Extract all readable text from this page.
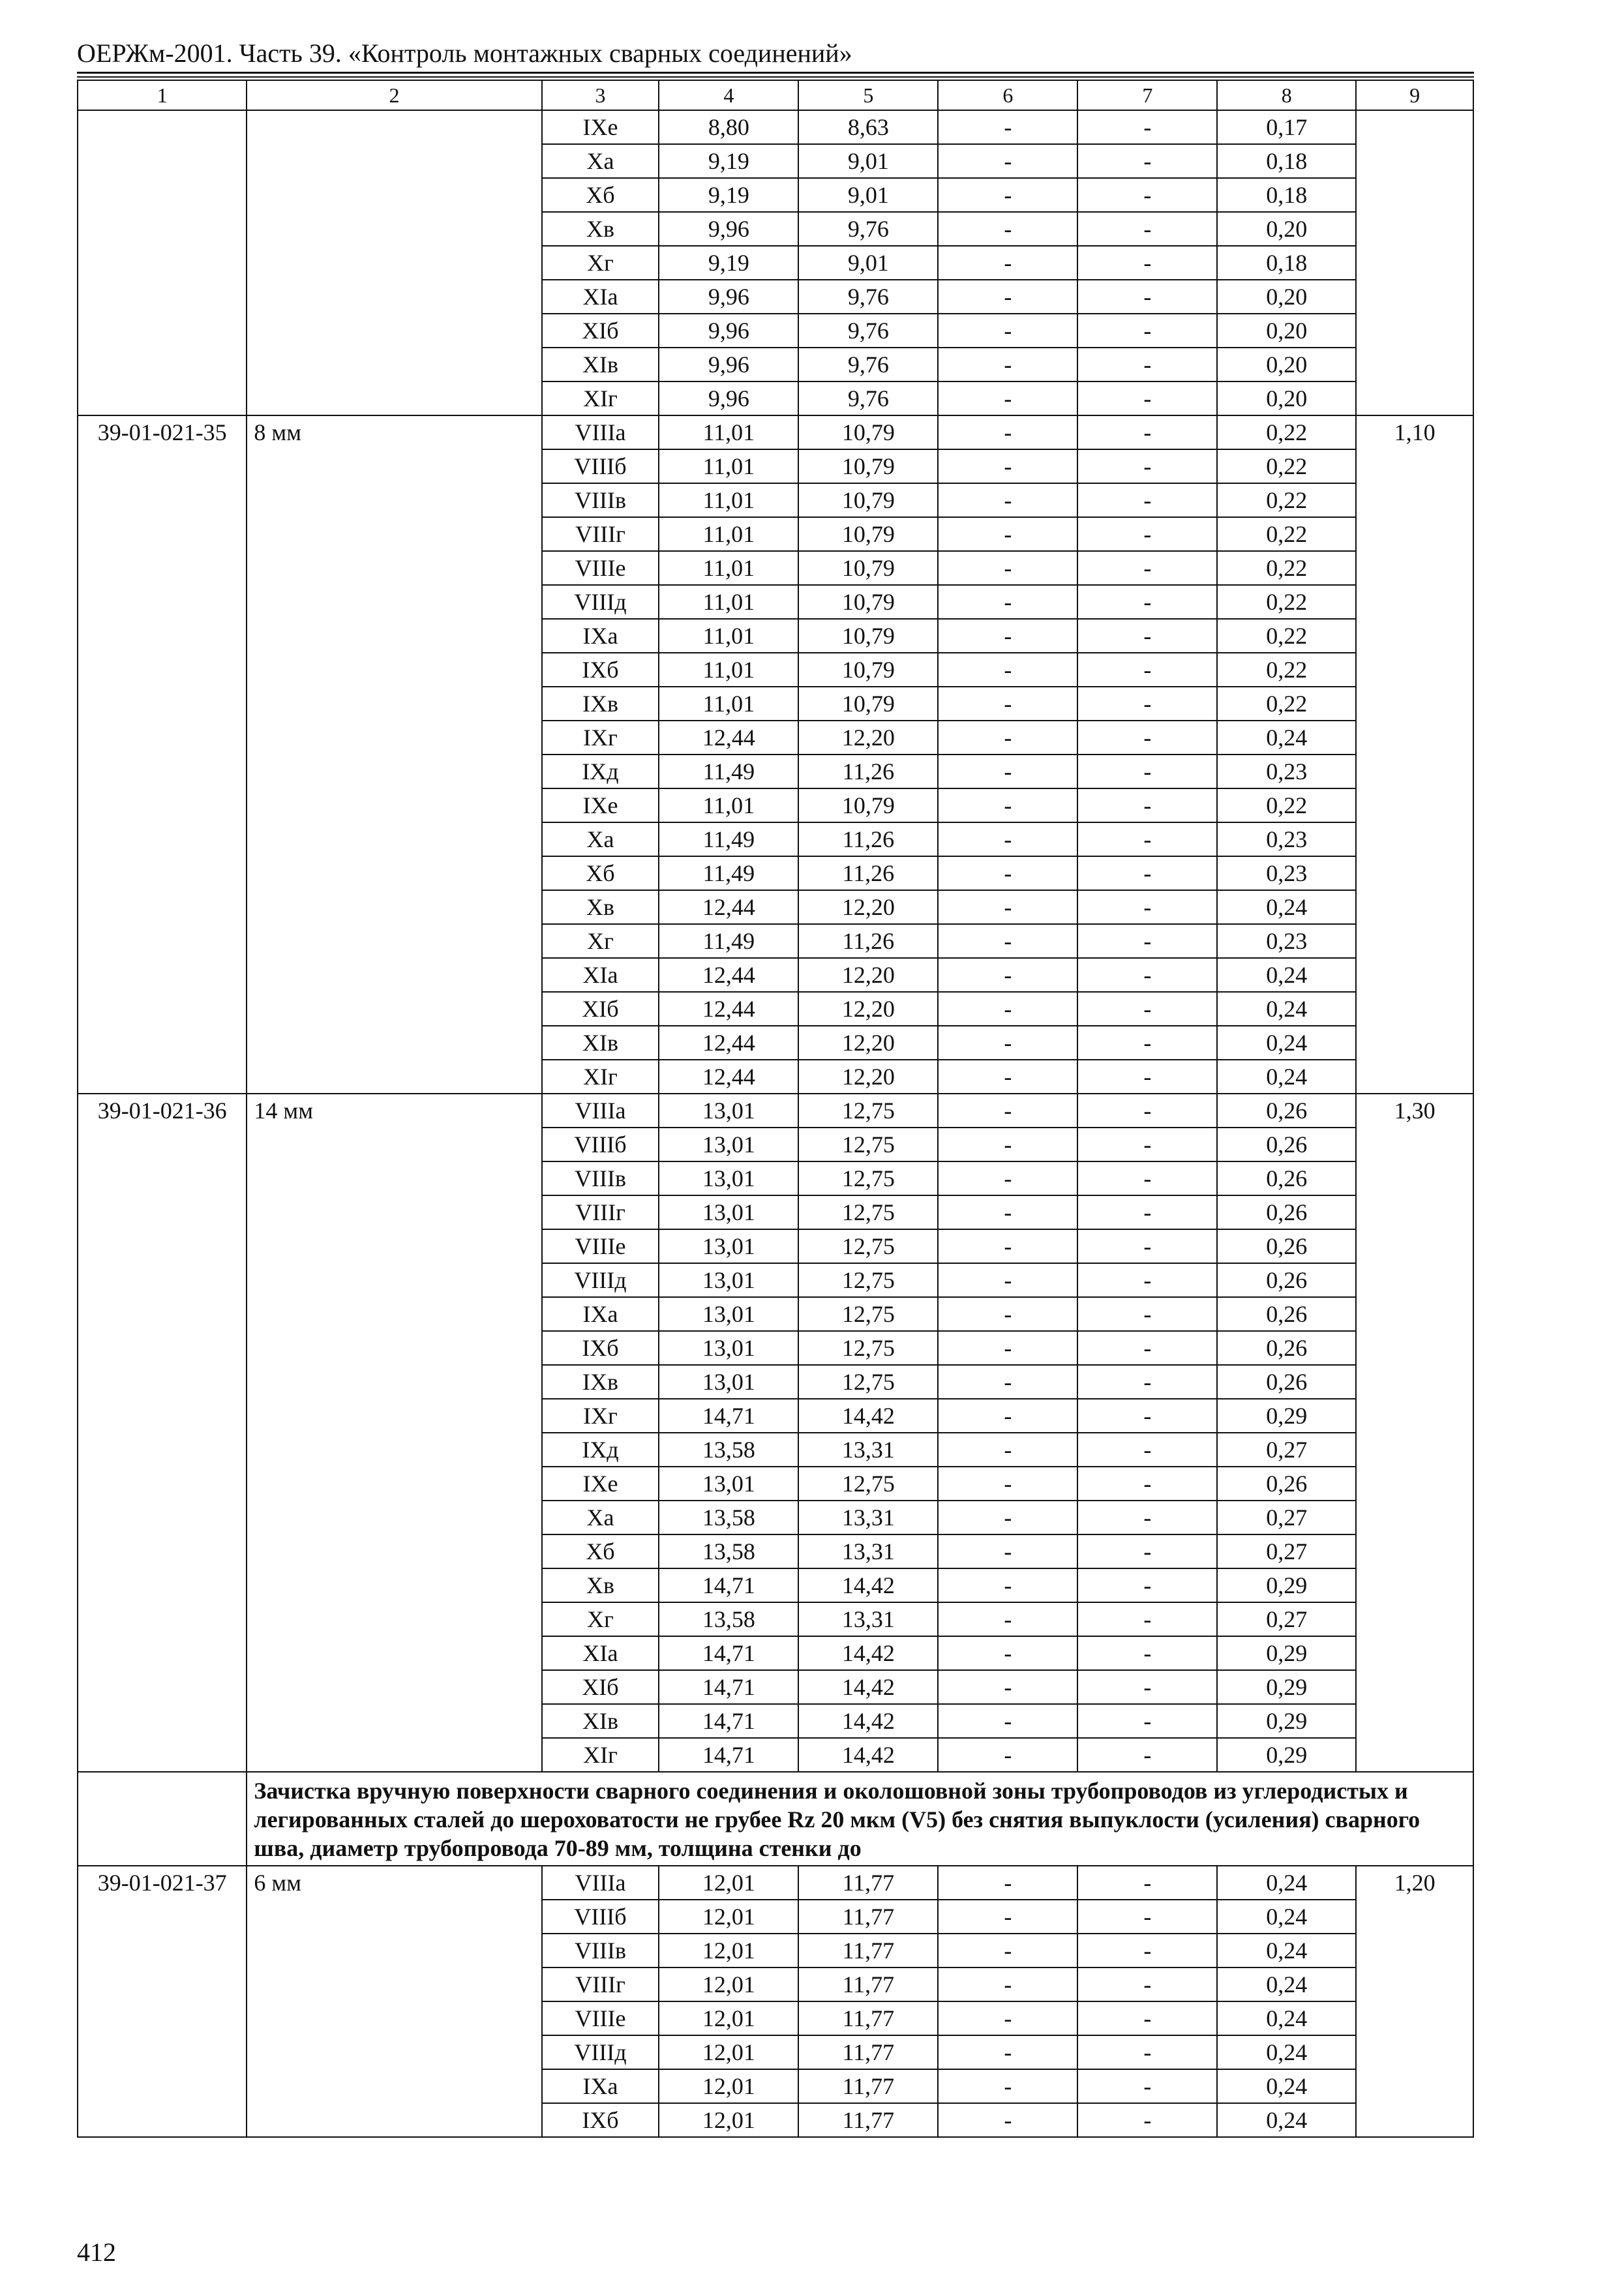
ОЕРЖм-2001. Часть 39. «Контроль монтажных сварных соединений»
1	2	3	4	5	6	7	8	9
		IXе	8,80	8,63	-	-	0,17	
		Xа	9,19	9,01	-	-	0,18	
		Xб	9,19	9,01	-	-	0,18	
		Xв	9,96	9,76	-	-	0,20	
		Xг	9,19	9,01	-	-	0,18	
		XIа	9,96	9,76	-	-	0,20	
		XIб	9,96	9,76	-	-	0,20	
		XIв	9,96	9,76	-	-	0,20	
		XIг	9,96	9,76	-	-	0,20	
39-01-021-35	8 мм	VIIIа	11,01	10,79	-	-	0,22	1,10
		VIIIб	11,01	10,79	-	-	0,22	
		VIIIв	11,01	10,79	-	-	0,22	
		VIIIг	11,01	10,79	-	-	0,22	
		VIIIе	11,01	10,79	-	-	0,22	
		VIIIд	11,01	10,79	-	-	0,22	
		IXа	11,01	10,79	-	-	0,22	
		IXб	11,01	10,79	-	-	0,22	
		IXв	11,01	10,79	-	-	0,22	
		IXг	12,44	12,20	-	-	0,24	
		IXд	11,49	11,26	-	-	0,23	
		IXе	11,01	10,79	-	-	0,22	
		Xа	11,49	11,26	-	-	0,23	
		Xб	11,49	11,26	-	-	0,23	
		Xв	12,44	12,20	-	-	0,24	
		Xг	11,49	11,26	-	-	0,23	
		XIа	12,44	12,20	-	-	0,24	
		XIб	12,44	12,20	-	-	0,24	
		XIв	12,44	12,20	-	-	0,24	
		XIг	12,44	12,20	-	-	0,24	
39-01-021-36	14 мм	VIIIа	13,01	12,75	-	-	0,26	1,30
		VIIIб	13,01	12,75	-	-	0,26	
		VIIIв	13,01	12,75	-	-	0,26	
		VIIIг	13,01	12,75	-	-	0,26	
		VIIIе	13,01	12,75	-	-	0,26	
		VIIIд	13,01	12,75	-	-	0,26	
		IXа	13,01	12,75	-	-	0,26	
		IXб	13,01	12,75	-	-	0,26	
		IXв	13,01	12,75	-	-	0,26	
		IXг	14,71	14,42	-	-	0,29	
		IXд	13,58	13,31	-	-	0,27	
		IXе	13,01	12,75	-	-	0,26	
		Xа	13,58	13,31	-	-	0,27	
		Xб	13,58	13,31	-	-	0,27	
		Xв	14,71	14,42	-	-	0,29	
		Xг	13,58	13,31	-	-	0,27	
		XIа	14,71	14,42	-	-	0,29	
		XIб	14,71	14,42	-	-	0,29	
		XIв	14,71	14,42	-	-	0,29	
		XIг	14,71	14,42	-	-	0,29	
	Зачистка вручную поверхности сварного соединения и околошовной зоны трубопроводов из углеродистых и легированных сталей до шероховатости не грубее Rz 20 мкм (V5) без снятия выпуклости (усиления) сварного шва, диаметр трубопровода 70-89 мм, толщина стенки до							
39-01-021-37	6 мм	VIIIа	12,01	11,77	-	-	0,24	1,20
		VIIIб	12,01	11,77	-	-	0,24	
		VIIIв	12,01	11,77	-	-	0,24	
		VIIIг	12,01	11,77	-	-	0,24	
		VIIIе	12,01	11,77	-	-	0,24	
		VIIIд	12,01	11,77	-	-	0,24	
		IXа	12,01	11,77	-	-	0,24	
		IXб	12,01	11,77	-	-	0,24	
412
